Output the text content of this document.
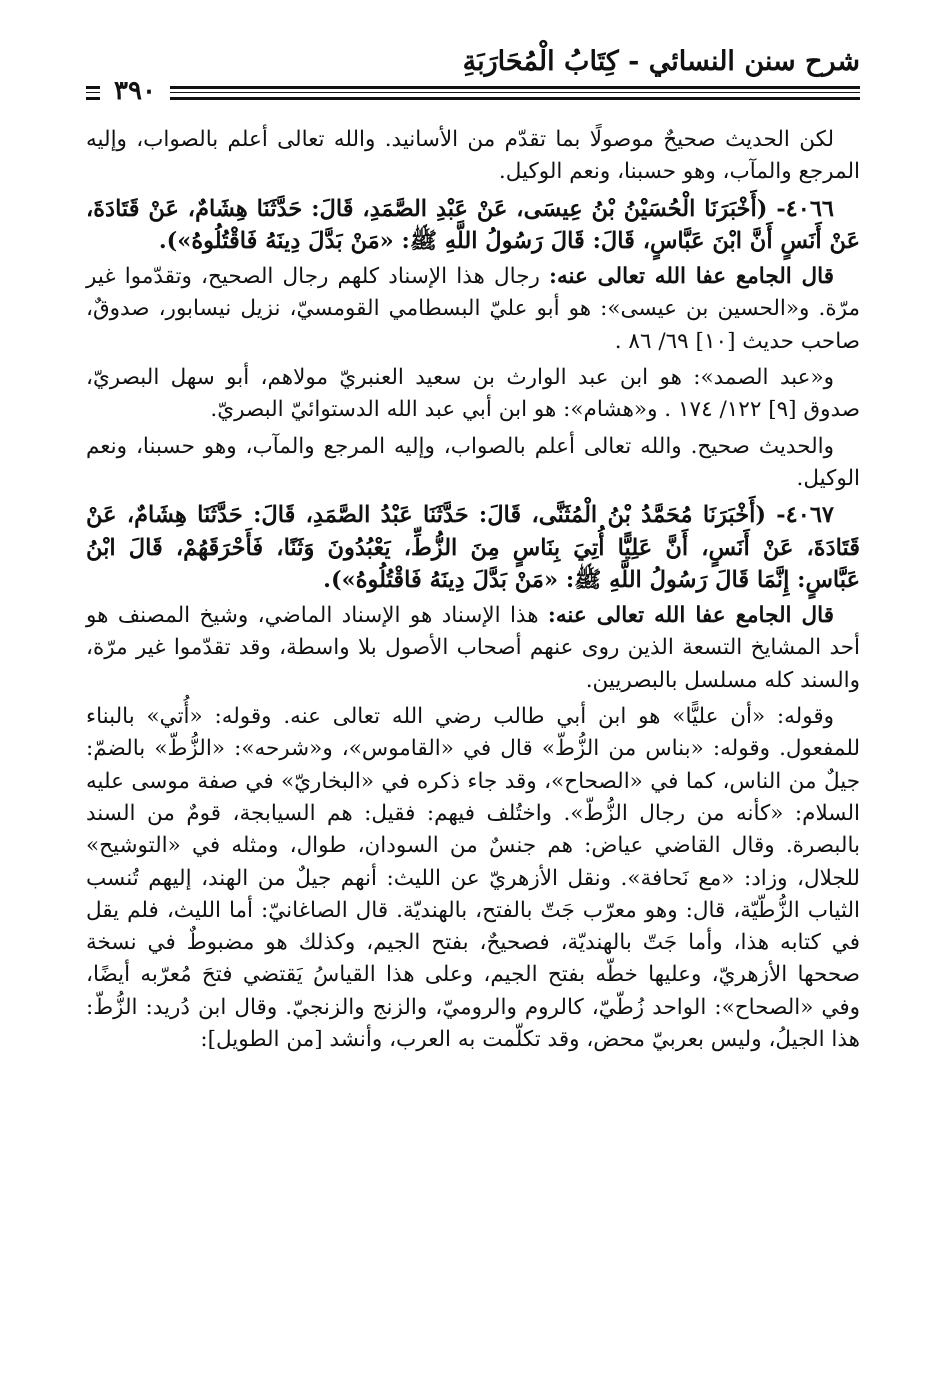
شرح سنن النسائي - كِتَابُ الْمُحَارَبَةِ
٣٩٠

لكن الحديث صحيحٌ موصولًا بما تقدّم من الأسانيد. والله تعالى أعلم بالصواب، وإليه المرجع والمآب، وهو حسبنا، ونعم الوكيل.

٤٠٦٦- (أَخْبَرَنَا الْحُسَيْنُ بْنُ عِيسَى، عَنْ عَبْدِ الصَّمَدِ، قَالَ: حَدَّثَنَا هِشَامٌ، عَنْ قَتَادَةَ، عَنْ أَنَسٍ أَنَّ ابْنَ عَبَّاسٍ، قَالَ: قَالَ رَسُولُ اللَّهِ ﷺ: «مَنْ بَدَّلَ دِينَهُ فَاقْتُلُوهُ»).

قال الجامع عفا الله تعالى عنه: رجال هذا الإسناد كلهم رجال الصحيح، وتقدّموا غير مرّة. و«الحسين بن عيسى»: هو أبو عليّ البسطامي القومسيّ، نزيل نيسابور، صدوقٌ، صاحب حديث [١٠] ٦٩/ ٨٦ .

و«عبد الصمد»: هو ابن عبد الوارث بن سعيد العنبريّ مولاهم، أبو سهل البصريّ، صدوق [٩] ١٢٢/ ١٧٤ . و«هشام»: هو ابن أبي عبد الله الدستوائيّ البصريّ.

والحديث صحيح. والله تعالى أعلم بالصواب، وإليه المرجع والمآب، وهو حسبنا، ونعم الوكيل.

٤٠٦٧- (أَخْبَرَنَا مُحَمَّدُ بْنُ الْمُثَنَّى، قَالَ: حَدَّثَنَا عَبْدُ الصَّمَدِ، قَالَ: حَدَّثَنَا هِشَامٌ، عَنْ قَتَادَةَ، عَنْ أَنَسٍ، أَنَّ عَلِيًّا أُتِيَ بِنَاسٍ مِنَ الزُّطِّ، يَعْبُدُونَ وَثَنًا، فَأَحْرَقَهُمْ، قَالَ ابْنُ عَبَّاسٍ: إِنَّمَا قَالَ رَسُولُ اللَّهِ ﷺ: «مَنْ بَدَّلَ دِينَهُ فَاقْتُلُوهُ»).

قال الجامع عفا الله تعالى عنه: هذا الإسناد هو الإسناد الماضي، وشيخ المصنف هو أحد المشايخ التسعة الذين روى عنهم أصحاب الأصول بلا واسطة، وقد تقدّموا غير مرّة، والسند كله مسلسل بالبصريين.

وقوله: «أن عليًّا» هو ابن أبي طالب رضي الله تعالى عنه. وقوله: «أُتي» بالبناء للمفعول. وقوله: «بناس من الزُّطّ» قال في «القاموس»، و«شرحه»: «الزُّطّ» بالضمّ: جيلٌ من الناس، كما في «الصحاح»، وقد جاء ذكره في «البخاريّ» في صفة موسى عليه السلام: «كأنه من رجال الزُّطّ». واختُلف فيهم: فقيل: هم السيابجة، قومٌ من السند بالبصرة. وقال القاضي عياض: هم جنسٌ من السودان، طوال، ومثله في «التوشيح» للجلال، وزاد: «مع نَحافة». ونقل الأزهريّ عن الليث: أنهم جيلٌ من الهند، إليهم تُنسب الثياب الزُّطّيّة، قال: وهو معرّب جَتّ بالفتح، بالهنديّة. قال الصاغانيّ: أما الليث، فلم يقل في كتابه هذا، وأما جَتّ بالهنديّة، فصحيحٌ، بفتح الجيم، وكذلك هو مضبوطٌ في نسخة صححها الأزهريّ، وعليها خطّه بفتح الجيم، وعلى هذا القياسُ يَقتضي فتحَ مُعرّبه أيضًا، وفي «الصحاح»: الواحد زُطّيّ، كالروم والروميّ، والزنج والزنجيّ. وقال ابن دُريد: الزُّطّ: هذا الجيلُ، وليس بعربيّ محض، وقد تكلّمت به العرب، وأنشد [من الطويل]:
